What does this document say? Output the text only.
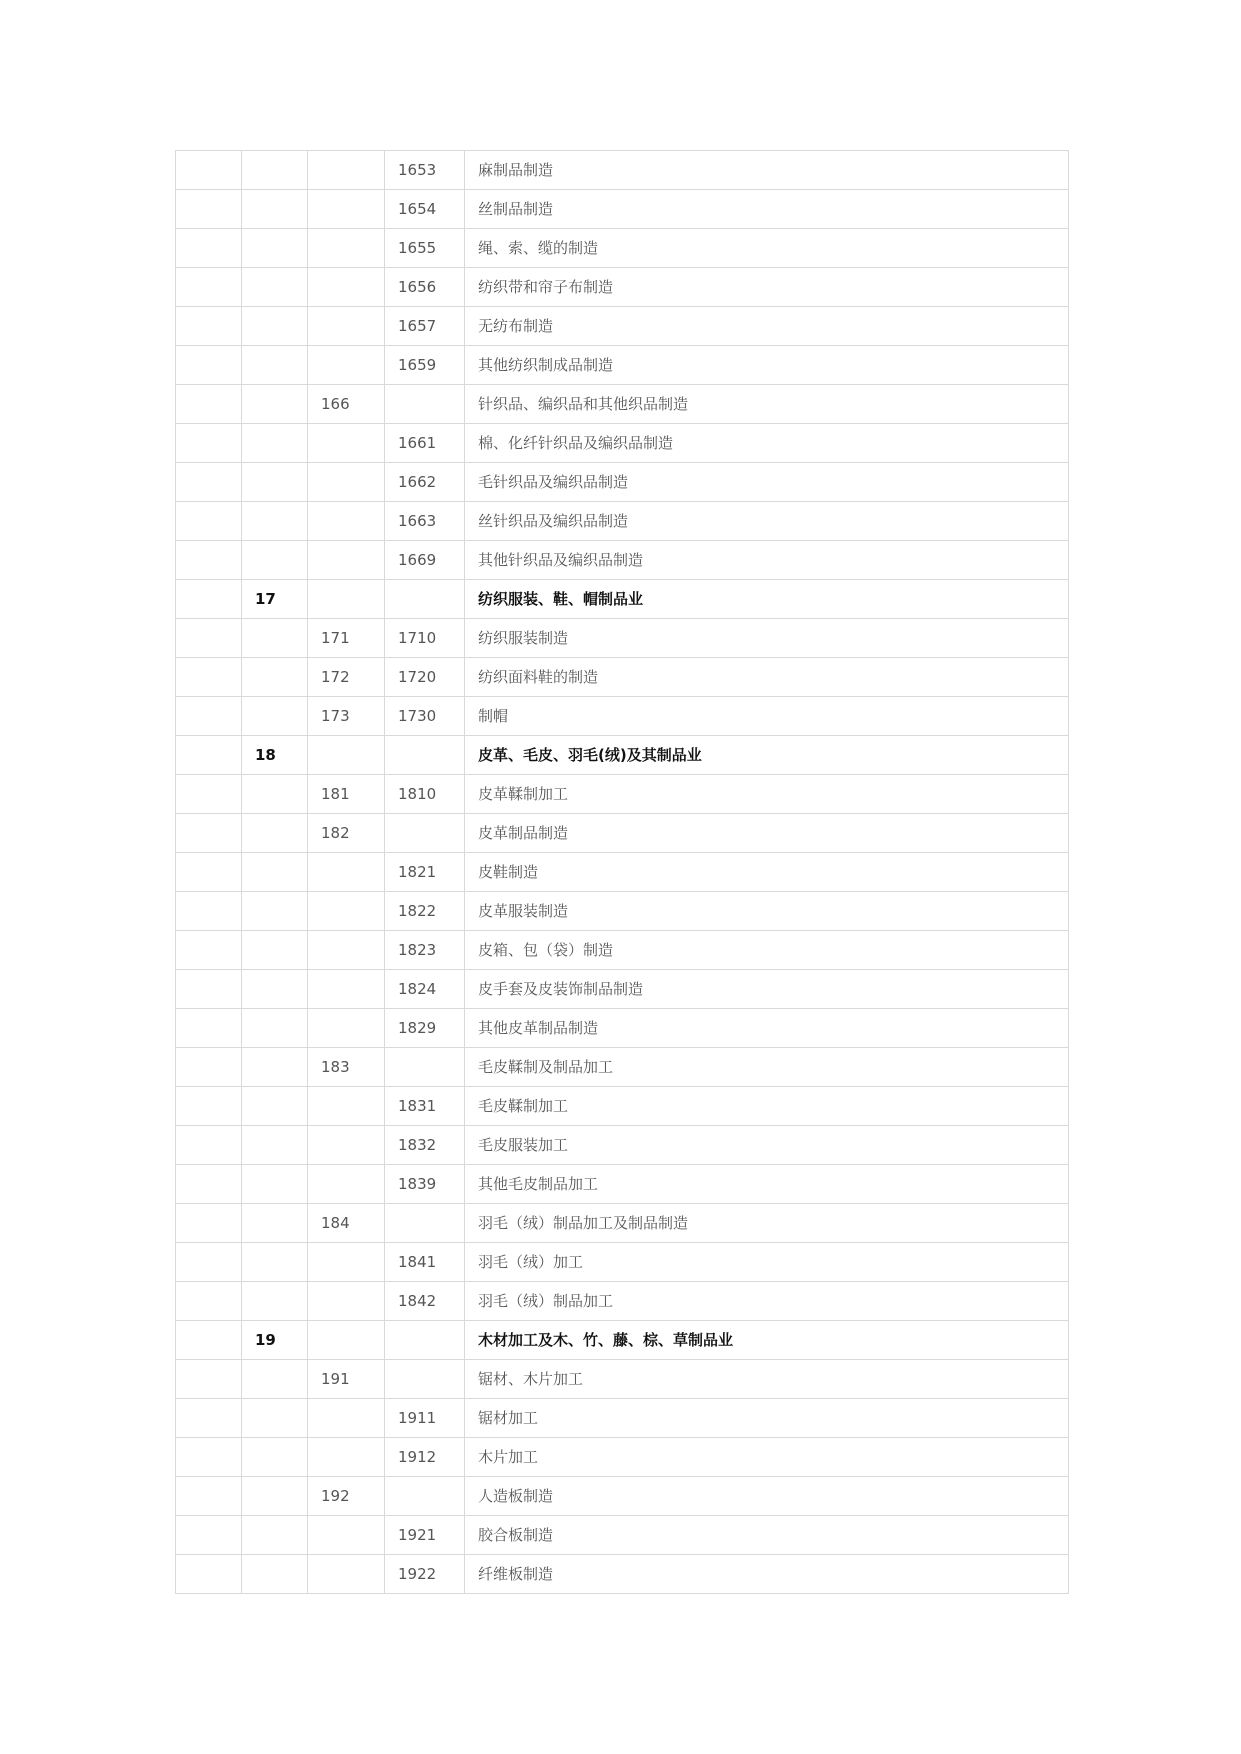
			1653	麻制品制造
			1654	丝制品制造
			1655	绳、索、缆的制造
			1656	纺织带和帘子布制造
			1657	无纺布制造
			1659	其他纺织制成品制造
		166		针织品、编织品和其他织品制造
			1661	棉、化纤针织品及编织品制造
			1662	毛针织品及编织品制造
			1663	丝针织品及编织品制造
			1669	其他针织品及编织品制造
	17			纺织服装、鞋、帽制品业
		171	1710	纺织服装制造
		172	1720	纺织面料鞋的制造
		173	1730	制帽
	18			皮革、毛皮、羽毛(绒)及其制品业
		181	1810	皮革鞣制加工
		182		皮革制品制造
			1821	皮鞋制造
			1822	皮革服装制造
			1823	皮箱、包（袋）制造
			1824	皮手套及皮装饰制品制造
			1829	其他皮革制品制造
		183		毛皮鞣制及制品加工
			1831	毛皮鞣制加工
			1832	毛皮服装加工
			1839	其他毛皮制品加工
		184		羽毛（绒）制品加工及制品制造
			1841	羽毛（绒）加工
			1842	羽毛（绒）制品加工
	19			木材加工及木、竹、藤、棕、草制品业
		191		锯材、木片加工
			1911	锯材加工
			1912	木片加工
		192		人造板制造
			1921	胶合板制造
			1922	纤维板制造
